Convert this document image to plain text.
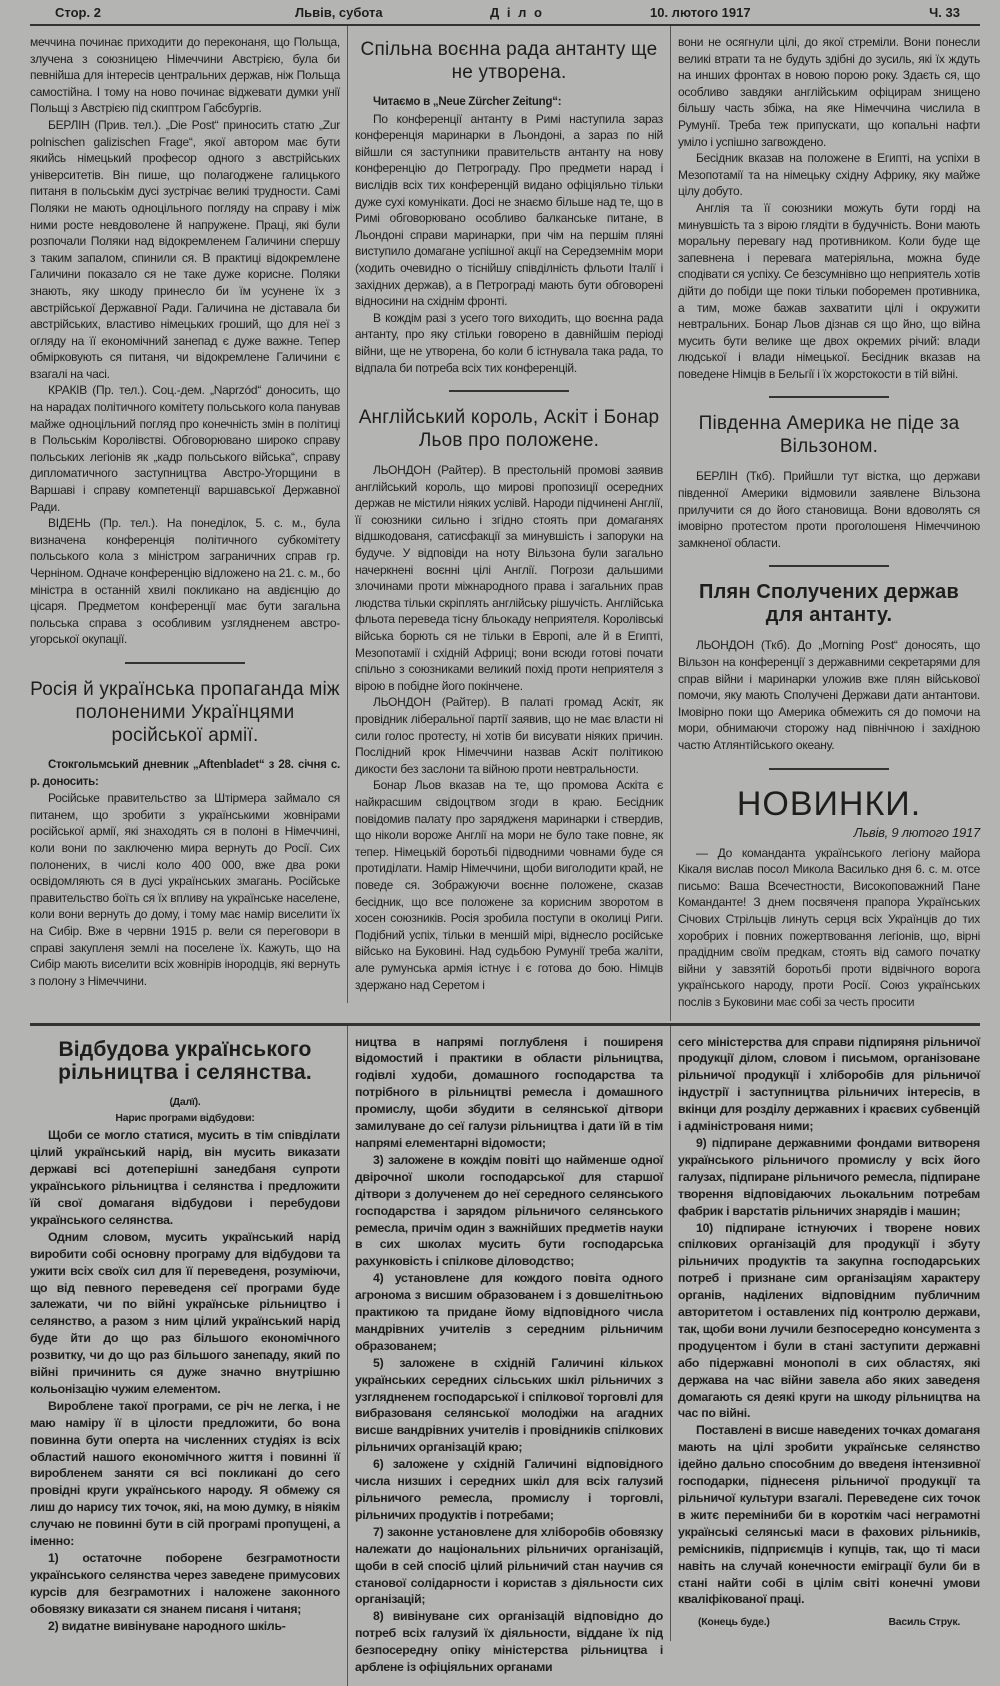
Стор. 2	Львів, субота	Д і л о	10. лютого 1917	Ч. 33

меччина починає приходити до переконаня, що Польща, злучена з союзницею Німеччини Австрією, була би певнійша для інтересів центральних держав, ніж Польща самостійна. І тому на ново починає віджевати думки унії Польщі з Австрією під скиптром Габсбургів.

БЕРЛІН (Прив. тел.). „Die Post“ приносить статю „Zur polnischen galizischen Frage“, якої автором має бути якийсь німецький професор одного з австрійських університетів. Він пише, що полагоджене галицького питаня в польськім дусі зустрічає великі трудности. Самі Поляки не мають одноцільного погляду на справу і між ними росте невдоволене й напружене. Праці, які були розпочали Поляки над відокремленем Галичини спершу з таким запалом, спинили ся. В практиці відокремлене Галичини показало ся не таке дуже корисне. Поляки знають, яку шкоду принесло би їм усунене їх з австрійської Державної Ради. Галичина не діставала би австрійських, властиво німецьких гроший, що для неї з огляду на її економічний занепад є дуже важне. Тепер обмірковують ся питаня, чи відокремлене Галичини є взагалі на часі.

КРАКІВ (Пр. тел.). Соц.-дем. „Naprzód“ доносить, що на нарадах політичного комітету польського кола панував майже одноцільний погляд про конечність змін в політиці в Польськім Королівстві. Обговорювано широко справу польських легіонів як „кадр польського війська“, справу дипломатичного заступництва Австро-Угорщини в Варшаві і справу компетенції варшавської Державної Ради.

ВІДЕНЬ (Пр. тел.). На понеділок, 5. с. м., була визначена конференція політичного субкомітету польського кола з міністром заграничних справ гр. Черніном. Одначе конференцію відложено на 21. с. м., бо міністра в останній хвилі покликано на авдієнцію до цісаря. Предметом конференції має бути загальна польська справа з особливим узглядненем австро-угорської окупації.

Росія й українська пропаганда між полоненими Українцями російської армії.

Стокгольмський дневник „Aftenbladet“ з 28. січня с. р. доносить:

Російське правительство за Штірмера займало ся питанем, що зробити з українськими жовнірами російської армії, які знаходять ся в полоні в Німеччині, коли вони по заключеню мира вернуть до Росії. Сих полонених, в числі коло 400 000, вже два роки освідомляють ся в дусі українських змагань. Російське правительство боїть ся їх впливу на українське населене, коли вони вернуть до дому, і тому має намір виселити їх на Сибір. Вже в червни 1915 р. вели ся переговори в справі закупленя землі на поселене їх. Кажуть, що на Сибір мають виселити всіх жовнірів інородців, які вернуть з полону з Німеччини.

Спільна воєнна рада антанту ще не утворена.

Читаємо в „Neue Zürcher Zeitung“:

По конференції антанту в Римі наступила зараз конференція маринарки в Льондоні, а зараз по ній війшли ся заступники правительств антанту на нову конференцію до Петрограду. Про предмети нарад і вислідів всіх тих конференцій видано офіціяльно тільки дуже сухі комунікати. Досі не знаємо більше над те, що в Римі обговорювано особливо балканське питане, в Льондоні справи маринарки, при чім на першім пляні виступило домагане успішної акції на Середземнім мори (ходить очевидно о тіснійшу співділність фльоти Італії і західних держав), а в Петрограді мають бути обговорені відносини на східнім фронті.

В кождім разі з усего того виходить, що воєнна рада антанту, про яку стільки говорено в давнійшім періоді війни, ще не утворена, бо коли б істнувала така рада, то відпала би потреба всіх тих конференцій.

Англійський король, Аскіт і Бонар Льов про положене.

ЛЬОНДОН (Райтер). В престольній промові заявив англійський король, що мирові пропозиції осередних держав не містили ніяких услівй. Народи підчинені Англії, її союзники сильно і згідно стоять при домаганях відшкодованя, сатисфакції за минувшість і запоруки на будуче. У відповіди на ноту Вільзона були загально начеркнені воєнні цілі Англії. Погрози дальшими злочинами проти міжнародного права і загальних прав людства тільки скріплять англійську рішучість. Англійська фльота переведа тісну бльокаду неприятеля. Королівські війська борють ся не тільки в Европі, але й в Египті, Мезопотамії і східній Африці; вони всюди готові почати спільно з союзниками великий похід проти неприятеля з вірою в побідне його покінчене.

ЛЬОНДОН (Райтер). В палаті громад Аскіт, як провідник ліберальної партії заявив, що не має власти ні сили голос протесту, ні хотів би висувати ніяких причин. Послідний крок Німеччини назвав Аскіт політикою дикости без заслони та війною проти невтральности.

Бонар Льов вказав на те, що промова Аскіта є найкрасшим свідоцтвом згоди в краю. Бесідник повідомив палату про зарядженя маринарки і ствердив, що ніколи вороже Англії на мори не було таке повне, як тепер. Німецькій боротьбі підводними човнами буде ся протиділати. Намір Німеччини, щоби виголодити край, не поведе ся. Зображуючи воєнне положене, сказав бесідник, що все положене за корисним зворотом в хосен союзників. Росія зробила поступи в околиці Риги. Подібний успіх, тільки в меншій мірі, віднесло російське військо на Буковині. Над судьбою Румунії треба жаліти, але румунська армія істнує і є готова до бою. Німців здержано над Серетом і

вони не осягнули цілі, до якої стреміли. Вони понесли великі втрати та не будуть здібні до зусиль, які їх ждуть на инших фронтах в новою порою року. Здаєть ся, що особливо завдяки англійським офіцирам знищено більшу часть збіжа, на яке Німеччина числила в Румунії. Треба теж припускати, що копальні нафти уміло і успішно загвождено.

Бесідник вказав на положене в Египті, на успіхи в Мезопотамії та на німецьку східну Африку, яку майже цілу добуто.

Англія та її союзники можуть бути горді на минувшість та з вірою глядіти в будучність. Вони мають моральну перевагу над противником. Коли буде ще запевнена і перевага матеріяльна, можна буде сподівати ся успіху. Се безсумнівно що неприятель хотів дійти до побіди ще поки тільки поборемен противника, а тим, може бажав захватити цілі і окружити невтральних. Бонар Льов дізнав ся що йно, що війна мусить бути велике ще двох окремих річий: влади людської і влади німецької. Бесідник вказав на поведене Німців в Бельгії і їх жорстокости в тій війні.

Південна Америка не піде за Вільзоном.

БЕРЛІН (Ткб). Прийшли тут вістка, що держави південної Америки відмовили заявлене Вільзона прилучити ся до його становища. Вони вдоволять ся імовірно протестом проти проголошеня Німеччиною замкненої области.

Плян Сполучених держав для антанту.

ЛЬОНДОН (Ткб). До „Morning Post“ доносять, що Вільзон на конференції з державними секретарями для справ війни і маринарки уложив вже плян військової помочи, яку мають Сполучені Держави дати антантови. Імовірно поки що Америка обмежить ся до помочи на мори, обнимаючи сторожу над північною і західною частю Атлянтійського океану.

НОВИНКИ.
Львів, 9 лютого 1917

— До команданта українського легіону майора Кікаля вислав посол Микола Василько дня 6. с. м. отсе письмо: Ваша Всечестности, Високоповажний Пане Команданте! З днем посвяченя прапора Українських Січових Стрільців линуть серця всіх Українців до тих хоробрих і повних пожертвовання легіонів, що, вірні прадідним своїм предкам, стоять від самого початку війни у завзятій боротьбі проти відвічного ворога українського народу, проти Росії. Союз українських послів з Буковини має собі за честь просити

Відбудова українського рільництва і селянства.

(Далї).

Нарис програми відбудови:

Щоби се могло статися, мусить в тім співділати цілий український нарід, він мусить виказати державі всі дотеперішні занедбаня супроти українського рільництва і селянства і предложити їй свої домаганя відбудови і перебудови українського селянства.

Одним словом, мусить український нарід виробити собі основну програму для відбудови та ужити всіх своїх сил для її переведеня, розуміючи, що від певного переведеня сеї програми буде залежати, чи по війні українське рільництво і селянство, а разом з ним цілий український нарід буде йти до що раз більшого економічного розвитку, чи до що раз більшого занепаду, який по війні причинить ся дуже значно внутрішню кольонізацію чужим елементом.

Вироблене такої програми, се річ не легка, і не маю наміру її в цілости предложити, бо вона повинна бути оперта на численних студіях із всіх областий нашого економічного життя і повинні її виробленем заняти ся всі покликані до сего провідні круги українського народу. Я обмежу ся лиш до нарису тих точок, які, на мою думку, в ніякім случаю не повинні бути в сій програмі пропущені, а іменно:

1) остаточне поборене безграмотности українського селянства через заведене примусових курсів для безграмотних і наложене законного обовязку виказати ся знанем писаня і читаня;

2) видатне вивінуване народного шкіль-

ництва в напрямі поглубленя і поширеня відомостий і практики в области рільництва, годівлі худоби, домашного господарства та потрібного в рільництві ремесла і домашного промислу, щоби збудити в селянської дітвори замилуване до сеї галузи рільництва і дати їй в тім напрямі елементарні відомости;

3) заложене в кождім повіті що найменше одної двірочної школи господарської для старшої дітвори з долученем до неї середного селянського господарства і зарядом рільничого селянського ремесла, причім один з важнійших предметів науки в сих школах мусить бути господарська рахунковість і спілкове діловодство;

4) установлене для кождого повіта одного агронома з висшим образованем і з довшелітньою практикою та придане йому відповідного числа мандрівних учителів з середним рільничим образованем;

5) заложене в східній Галичині кількох українських середних сільських шкіл рільничих з узглядненем господарської і спілкової торговлі для вибразованя селянської молодіжи на агадних висше вандрівних учителів і провідників спілкових рільничих організацій краю;

6) заложене у східній Галичині відповідного числа низших і середних шкіл для всіх галузий рільничого ремесла, промислу і торговлі, рільничих продуктів і потребами;

7) законне установлене для хліборобів обовязку належати до національних рільничих організацій, щоби в сей спосіб цілий рільничий стан научив ся станової солідарности і користав з діяльности сих організацій;

8) вивінуване сих організацій відповідно до потреб всіх галузий їх діяльности, віддане їх під безпосередну опіку міністерства рільництва і арблене із офіціяльних органами

сего міністерства для справи підпиряня рільничої продукції ділом, словом і письмом, організоване рільничої продукції і хліборобів для рільничої індустрії і заступництва рільничих інтересів, в вкінци для розділу державних і краєвих субвенцій і адміністрованя ними;

9) підпиране державними фондами витвореня українського рільничого промислу у всіх його галузах, підпиране рільничого ремесла, підпиране творення відповідаючих льокальним потребам фабрик і варстатів рільничих знарядів і машин;

10) підпиране істнуючих і творене нових спілкових організацій для продукції і збуту рільничих продуктів та закупна господарських потреб і признане сим організаціям характеру органів, наділених відповідним публичним авторитетом і оставлених під контролю держави, так, щоби вони лучили безпосередно консумента з продуцентом і були в стані заступити державні або підержавні монополі в сих областях, які держава на час війни завела або яких заведеня домагають ся деякі круги на шкоду рільництва на час по війні.

Поставлені в висше наведених точках домаганя мають на цілі зробити українське селянство ідейно дально способним до введеня інтензивної господарки, піднесеня рільничої продукції та рільничої культури взагалі. Переведене сих точок в житє переміниби би в короткім часі неграмотні українські селянські маси в фахових рільників, ремісників, підприємців і купців, так, що ті маси навіть на случай конечности еміграції були би в стані найти собі в цілім світі конечні умови кваліфікованої праці.

(Конець буде.)	Василь Струк.
